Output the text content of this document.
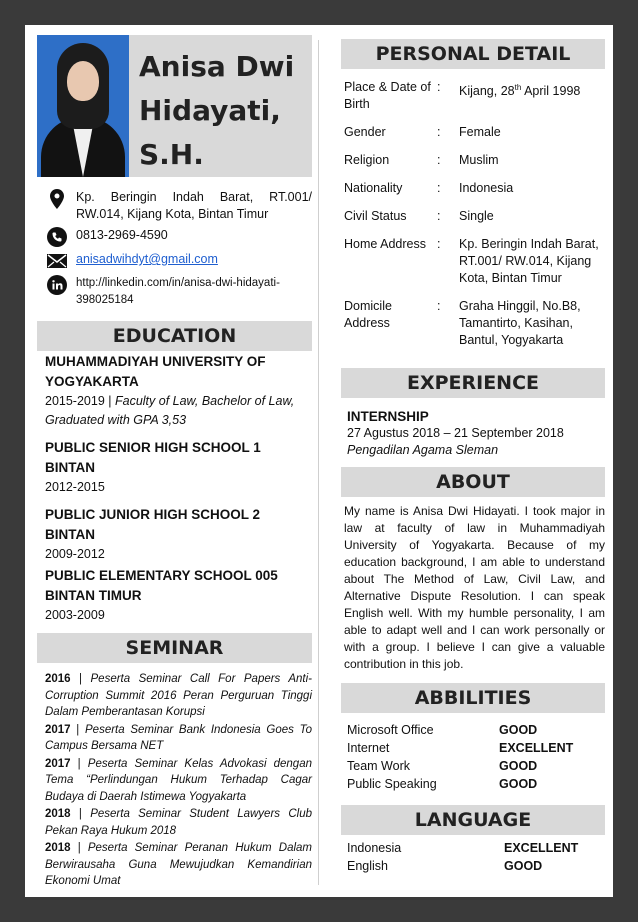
Anisa Dwi
Hidayati,
S.H.
Kp. Beringin Indah Barat, RT.001/ RW.014, Kijang Kota, Bintan Timur
0813-2969-4590
anisadwihdyt@gmail.com
http://linkedin.com/in/anisa-dwi-hidayati-398025184
EDUCATION
MUHAMMADIYAH UNIVERSITY OF YOGYAKARTA
2015-2019 | Faculty of Law, Bachelor of Law, Graduated with GPA 3,53
PUBLIC SENIOR HIGH SCHOOL 1 BINTAN
2012-2015
PUBLIC JUNIOR HIGH SCHOOL 2 BINTAN
2009-2012
PUBLIC ELEMENTARY SCHOOL 005 BINTAN TIMUR
2003-2009
SEMINAR
2016 | Peserta Seminar Call For Papers Anti-Corruption Summit 2016 Peran Perguruan Tinggi Dalam Pemberantasan Korupsi
2017 | Peserta Seminar Bank Indonesia Goes To Campus Bersama NET
2017 | Peserta Seminar Kelas Advokasi dengan Tema “Perlindungan Hukum Terhadap Cagar Budaya di Daerah Istimewa Yogyakarta
2018 | Peserta Seminar Student Lawyers Club Pekan Raya Hukum 2018
2018 | Peserta Seminar Peranan Hukum Dalam Berwirausaha Guna Mewujudkan Kemandirian Ekonomi Umat
PERSONAL DETAIL
Place & Date of Birth	:	Kijang, 28th April 1998
Gender	:	Female
Religion	:	Muslim
Nationality	:	Indonesia
Civil Status	:	Single
Home Address	:	Kp. Beringin Indah Barat, RT.001/ RW.014, Kijang Kota, Bintan Timur
Domicile Address	:	Graha Hinggil, No.B8, Tamantirto, Kasihan, Bantul, Yogyakarta
EXPERIENCE
INTERNSHIP
27 Agustus 2018 – 21 September 2018
Pengadilan Agama Sleman
ABOUT
My name is Anisa Dwi Hidayati. I took major in law at faculty of law in Muhammadiyah University of Yogyakarta. Because of my education background, I am able to understand about The Method of Law, Civil Law, and Alternative Dispute Resolution. I can speak English well. With my humble personality, I am able to adapt well and I can work personally or with a group. I believe I can give a valuable contribution in this job.
ABBILITIES
Microsoft Office	GOOD
Internet	EXCELLENT
Team Work	GOOD
Public Speaking	GOOD
LANGUAGE
Indonesia	EXCELLENT
English	GOOD
